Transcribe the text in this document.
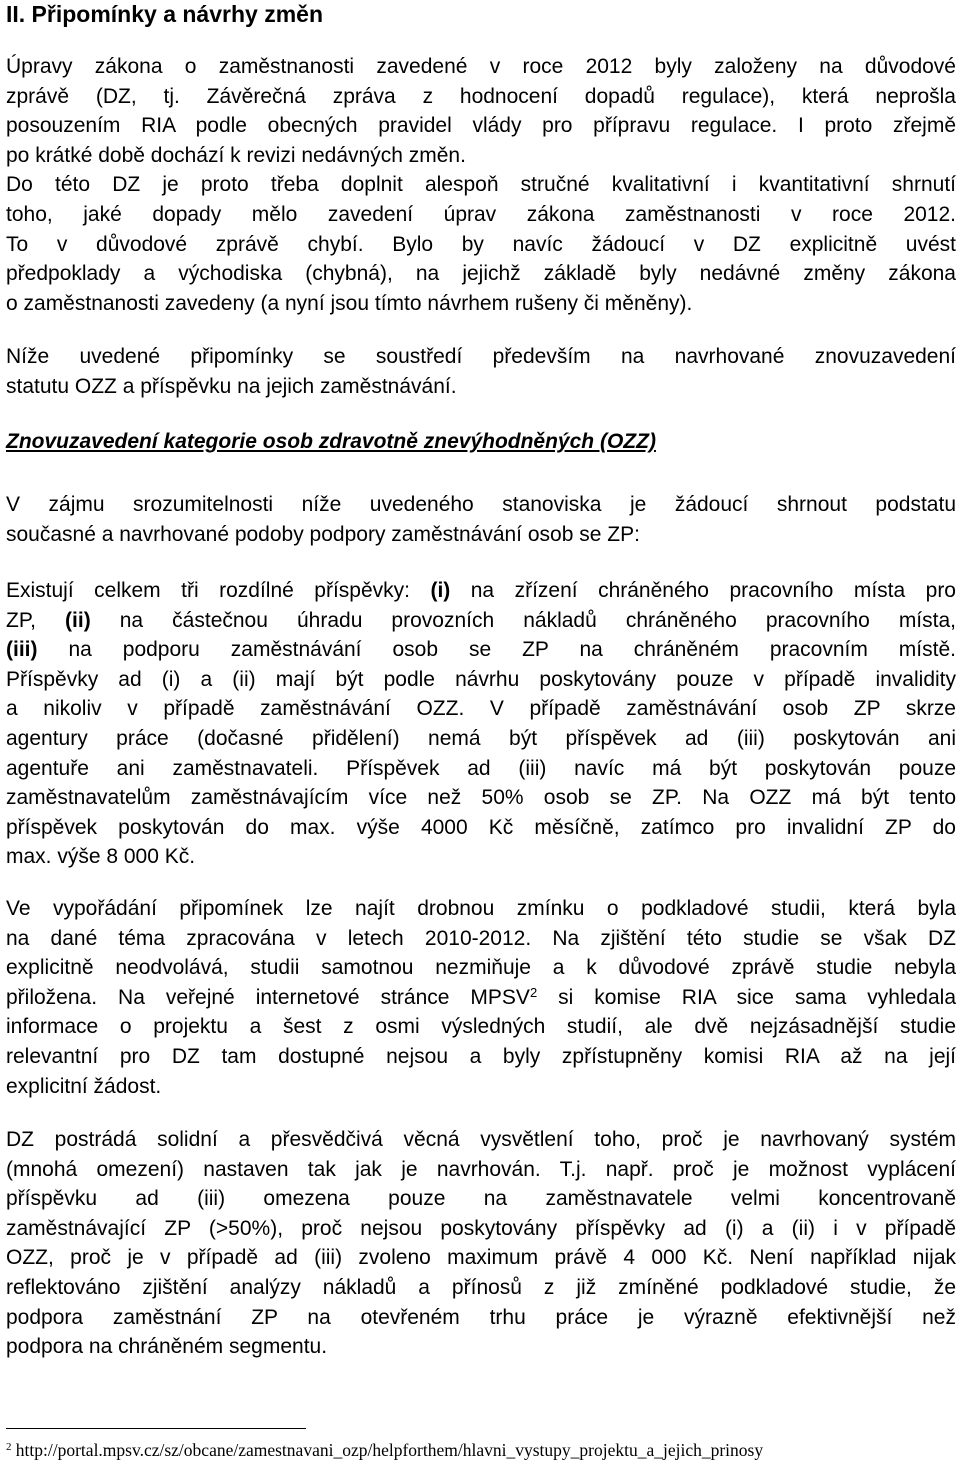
II. Připomínky a návrhy změn

Úpravy zákona o zaměstnanosti zavedené v roce 2012 byly založeny na důvodové
zprávě (DZ, tj. Závěrečná zpráva z hodnocení dopadů regulace), která neprošla
posouzením RIA podle obecných pravidel vlády pro přípravu regulace. I proto zřejmě
po krátké době dochází k revizi nedávných změn.
Do této DZ je proto třeba doplnit alespoň stručné kvalitativní i kvantitativní shrnutí
toho, jaké dopady mělo zavedení úprav zákona zaměstnanosti v roce 2012.
To v důvodové zprávě chybí. Bylo by navíc žádoucí v DZ explicitně uvést
předpoklady a východiska (chybná), na jejichž základě byly nedávné změny zákona
o zaměstnanosti zavedeny (a nyní jsou tímto návrhem rušeny či měněny).

Níže uvedené připomínky se soustředí především na navrhované znovuzavedení
statutu OZZ a příspěvku na jejich zaměstnávání.

Znovuzavedení kategorie osob zdravotně znevýhodněných (OZZ)

V zájmu srozumitelnosti níže uvedeného stanoviska je žádoucí shrnout podstatu
současné a navrhované podoby podpory zaměstnávání osob se ZP:

Existují celkem tři rozdílné příspěvky: (i) na zřízení chráněného pracovního místa pro
ZP, (ii) na částečnou úhradu provozních nákladů chráněného pracovního místa,
(iii) na podporu zaměstnávání osob se ZP na chráněném pracovním místě.
Příspěvky ad (i) a (ii) mají být podle návrhu poskytovány pouze v případě invalidity
a nikoliv v případě zaměstnávání OZZ. V případě zaměstnávání osob ZP skrze
agentury práce (dočasné přidělení) nemá být příspěvek ad (iii) poskytován ani
agentuře ani zaměstnavateli. Příspěvek ad (iii) navíc má být poskytován pouze
zaměstnavatelům zaměstnávajícím více než 50% osob se ZP. Na OZZ má být tento
příspěvek poskytován do max. výše 4000 Kč měsíčně, zatímco pro invalidní ZP do
max. výše 8 000 Kč.

Ve vypořádání připomínek lze najít drobnou zmínku o podkladové studii, která byla
na dané téma zpracována v letech 2010-2012. Na zjištění této studie se však DZ
explicitně neodvolává, studii samotnou nezmiňuje a k důvodové zprávě studie nebyla
přiložena. Na veřejné internetové stránce MPSV$^2$ si komise RIA sice sama vyhledala
informace o projektu a šest z osmi výsledných studií, ale dvě nejzásadnější studie
relevantní pro DZ tam dostupné nejsou a byly zpřístupněny komisi RIA až na její
explicitní žádost.

DZ postrádá solidní a přesvědčivá věcná vysvětlení toho, proč je navrhovaný systém
(mnohá omezení) nastaven tak jak je navrhován. T.j. např. proč je možnost vyplácení
příspěvku ad (iii) omezena pouze na zaměstnavatele velmi koncentrovaně
zaměstnávající ZP (>50%), proč nejsou poskytovány příspěvky ad (i) a (ii) i v případě
OZZ, proč je v případě ad (iii) zvoleno maximum právě 4 000 Kč. Není například nijak
reflektováno zjištění analýzy nákladů a přínosů z již zmíněné podkladové studie, že
podpora zaměstnání ZP na otevřeném trhu práce je výrazně efektivnější než
podpora na chráněném segmentu.

$^2$ http://portal.mpsv.cz/sz/obcane/zamestnavani_ozp/helpforthem/hlavni_vystupy_projektu_a_jejich_prinosy
